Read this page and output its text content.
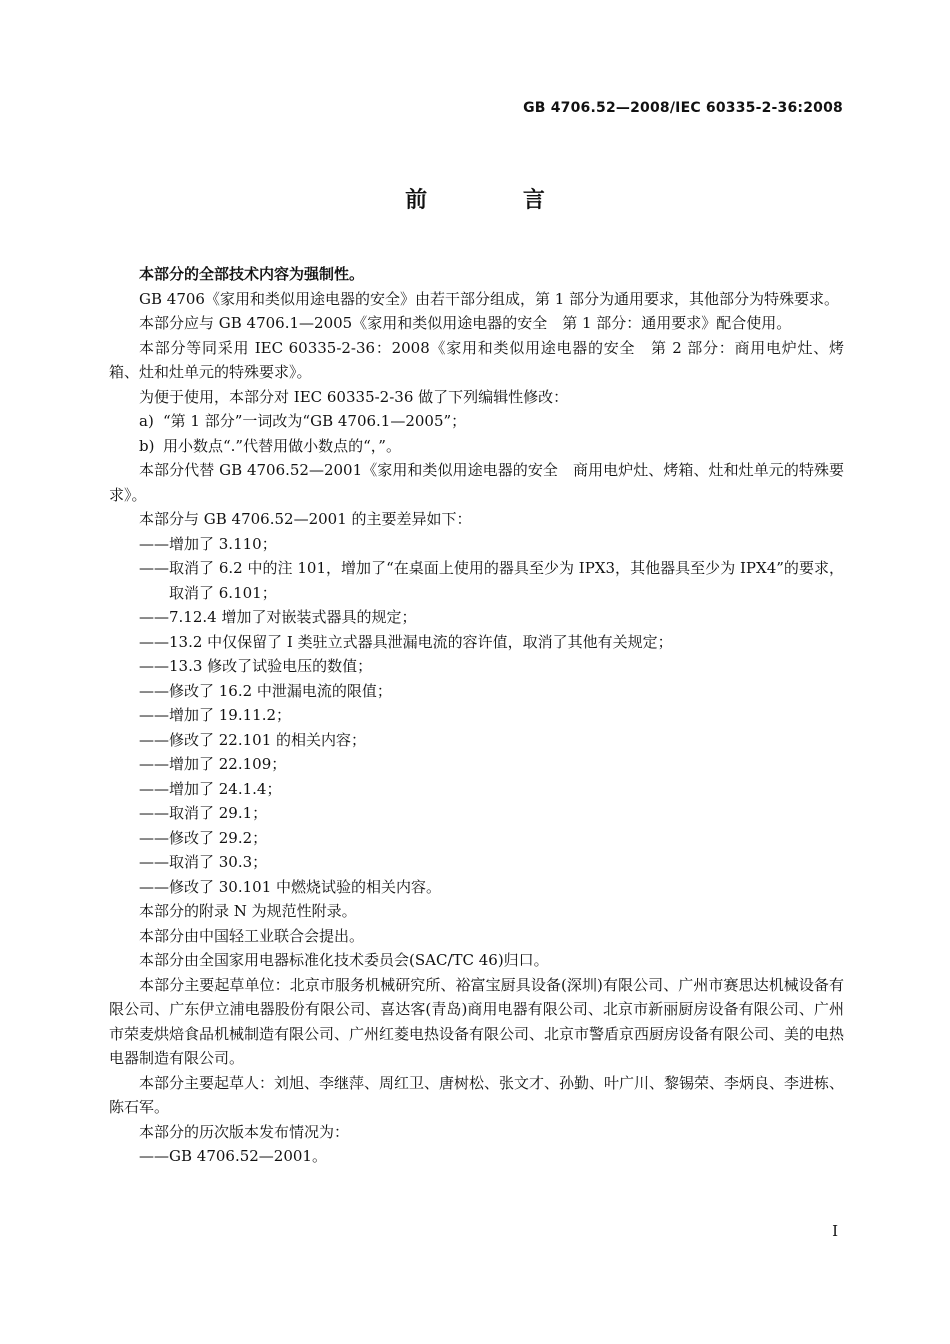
GB 4706.52—2008/IEC 60335-2-36:2008
前 言

本部分的全部技术内容为强制性。

GB 4706《家用和类似用途电器的安全》由若干部分组成，第 1 部分为通用要求，其他部分为特殊要求。

本部分应与 GB 4706.1—2005《家用和类似用途电器的安全　第 1 部分：通用要求》配合使用。

本部分等同采用 IEC 60335-2-36：2008《家用和类似用途电器的安全　第 2 部分：商用电炉灶、烤箱、灶和灶单元的特殊要求》。

为便于使用，本部分对 IEC 60335-2-36 做了下列编辑性修改：

a) “第 1 部分”一词改为“GB 4706.1—2005”；

b) 用小数点“.”代替用做小数点的“，”。

本部分代替 GB 4706.52—2001《家用和类似用途电器的安全　商用电炉灶、烤箱、灶和灶单元的特殊要求》。

本部分与 GB 4706.52—2001 的主要差异如下：

——增加了 3.110；

——取消了 6.2 中的注 101，增加了“在桌面上使用的器具至少为 IPX3，其他器具至少为 IPX4”的要求，取消了 6.101；

——7.12.4 增加了对嵌装式器具的规定；

——13.2 中仅保留了 I 类驻立式器具泄漏电流的容许值，取消了其他有关规定；

——13.3 修改了试验电压的数值；

——修改了 16.2 中泄漏电流的限值；

——增加了 19.11.2；

——修改了 22.101 的相关内容；

——增加了 22.109；

——增加了 24.1.4；

——取消了 29.1；

——修改了 29.2；

——取消了 30.3；

——修改了 30.101 中燃烧试验的相关内容。

本部分的附录 N 为规范性附录。

本部分由中国轻工业联合会提出。

本部分由全国家用电器标准化技术委员会(SAC/TC 46)归口。

本部分主要起草单位：北京市服务机械研究所、裕富宝厨具设备(深圳)有限公司、广州市赛思达机械设备有限公司、广东伊立浦电器股份有限公司、喜达客(青岛)商用电器有限公司、北京市新丽厨房设备有限公司、广州市荣麦烘焙食品机械制造有限公司、广州红菱电热设备有限公司、北京市警盾京西厨房设备有限公司、美的电热电器制造有限公司。

本部分主要起草人：刘旭、李继萍、周红卫、唐树松、张文才、孙勤、叶广川、黎锡荣、李炳良、李进栋、陈石军。

本部分的历次版本发布情况为：

——GB 4706.52—2001。

I
